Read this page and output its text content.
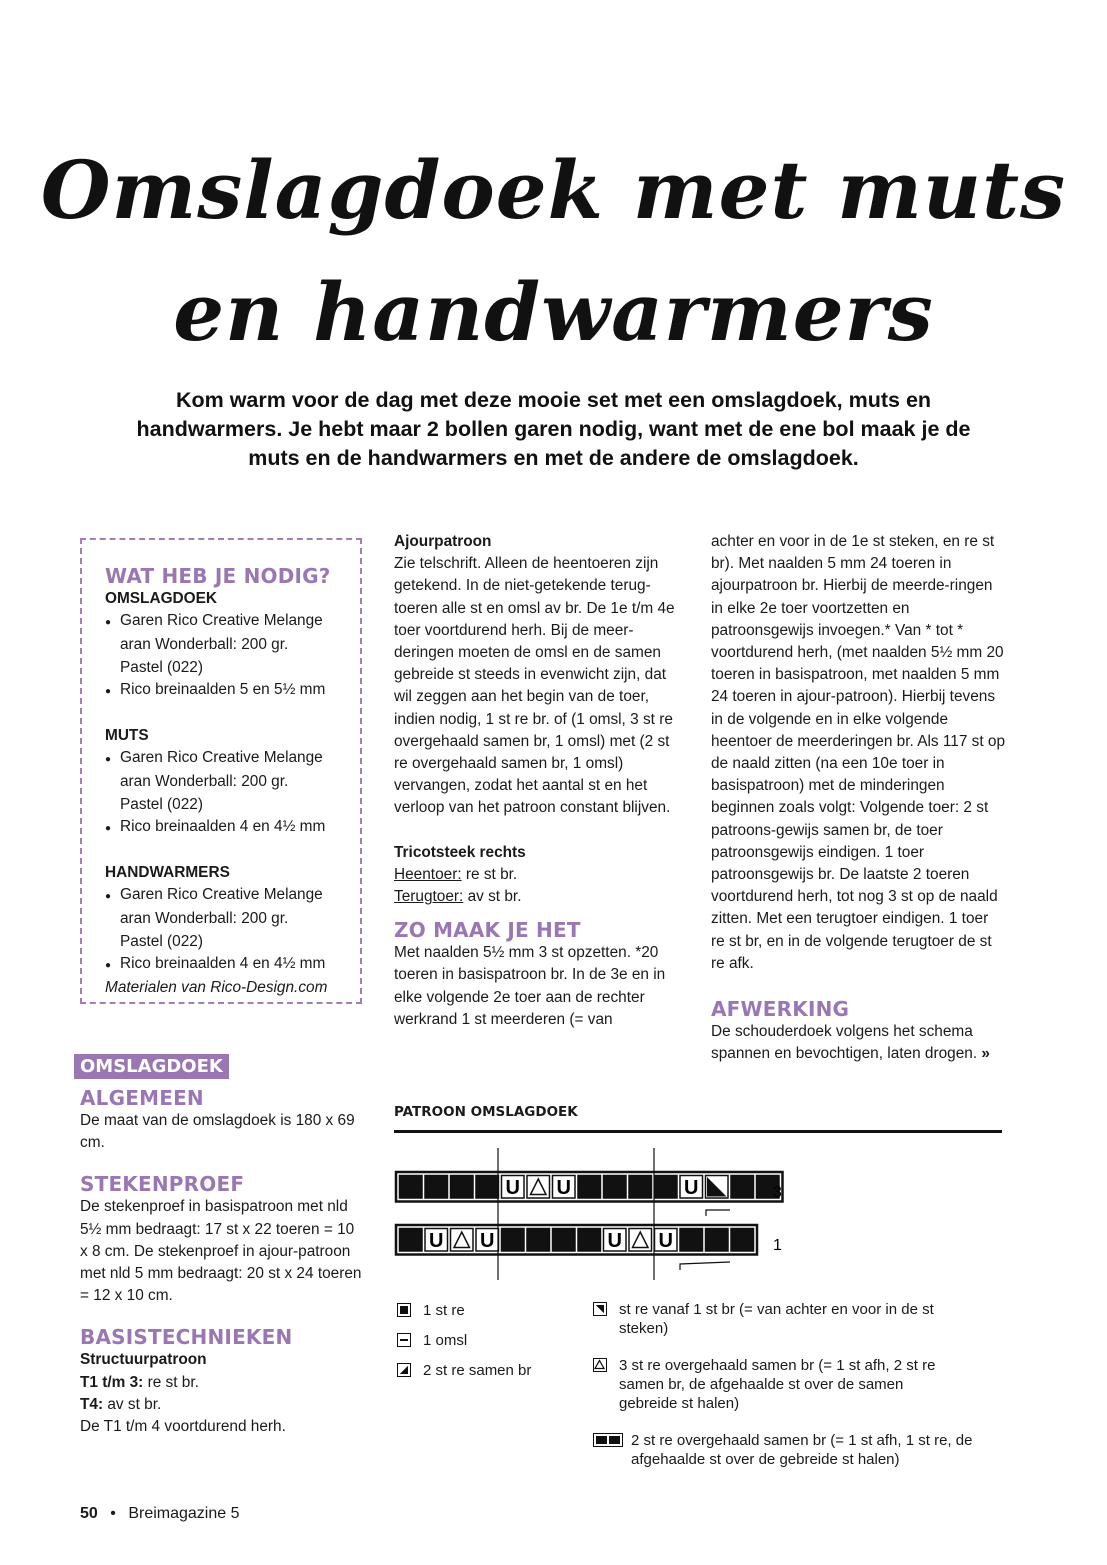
Omslagdoek met muts
en handwarmers
Kom warm voor de dag met deze mooie set met een omslagdoek, muts en handwarmers. Je hebt maar 2 bollen garen nodig, want met de ene bol maak je de muts en de handwarmers en met de andere de omslagdoek.
WAT HEB JE NODIG?
OMSLAGDOEK
● Garen Rico Creative Melange aran Wonderball: 200 gr.
Pastel (022)
● Rico breinaalden 5 en 5½ mm
MUTS
● Garen Rico Creative Melange aran Wonderball: 200 gr.
Pastel (022)
● Rico breinaalden 4 en 4½ mm
HANDWARMERS
● Garen Rico Creative Melange aran Wonderball: 200 gr.
Pastel (022)
● Rico breinaalden 4 en 4½ mm
Materialen van Rico-Design.com
OMSLAGDOEK
ALGEMEEN
De maat van de omslagdoek is 180 x 69 cm.
STEKENPROEF
De stekenproef in basispatroon met nld 5½ mm bedraagt: 17 st x 22 toeren = 10 x 8 cm. De stekenproef in ajour-patroon met nld 5 mm bedraagt: 20 st x 24 toeren = 12 x 10 cm.
BASISTECHNIEKEN
Structuurpatroon
T1 t/m 3: re st br.
T4: av st br.
De T1 t/m 4 voortdurend herh.
Ajourpatroon
Zie telschrift. Alleen de heentoeren zijn getekend. In de niet-getekende terug-toeren alle st en omsl av br. De 1e t/m 4e toer voortdurend herh. Bij de meer-deringen moeten de omsl en de samen gebreide st steeds in evenwicht zijn, dat wil zeggen aan het begin van de toer, indien nodig, 1 st re br. of (1 omsl, 3 st re overgehaald samen br, 1 omsl) met (2 st re overgehaald samen br, 1 omsl) vervangen, zodat het aantal st en het verloop van het patroon constant blijven.
Tricotsteek rechts
Heentoer: re st br.
Terugtoer: av st br.
ZO MAAK JE HET
Met naalden 5½ mm 3 st opzetten. *20 toeren in basispatroon br. In de 3e en in elke volgende 2e toer aan de rechter werkrand 1 st meerderen (= van
achter en voor in de 1e st steken, en re st br). Met naalden 5 mm 24 toeren in ajourpatroon br. Hierbij de meerde-ringen in elke 2e toer voortzetten en patroonsgewijs invoegen.* Van * tot * voortdurend herh, (met naalden 5½ mm 20 toeren in basispatroon, met naalden 5 mm 24 toeren in ajour-patroon). Hierbij tevens in de volgende en in elke volgende heentoer de meerderingen br. Als 117 st op de naald zitten (na een 10e toer in basispatroon) met de minderingen beginnen zoals volgt: Volgende toer: 2 st patroons-gewijs samen br, de toer patroonsgewijs eindigen. 1 toer patroonsgewijs br. De laatste 2 toeren voortdurend herh, tot nog 3 st op de naald zitten. Met een terugtoer eindigen. 1 toer re st br, en in de volgende terugtoer de st re afk.
AFWERKING
De schouderdoek volgens het schema spannen en bevochtigen, laten drogen. »
PATROON OMSLAGDOEK
U U	U
U U	U U
3
1
50 • Breimagazine 5
1 st re
1 omsl
2 st re samen br
st re vanaf 1 st br (= van achter en voor in de st steken)
3 st re overgehaald samen br (= 1 st afh, 2 st re samen br, de afgehaalde st over de samen gebreide st halen)
2 st re overgehaald samen br (= 1 st afh, 1 st re, de afgehaalde st over de gebreide st halen)
